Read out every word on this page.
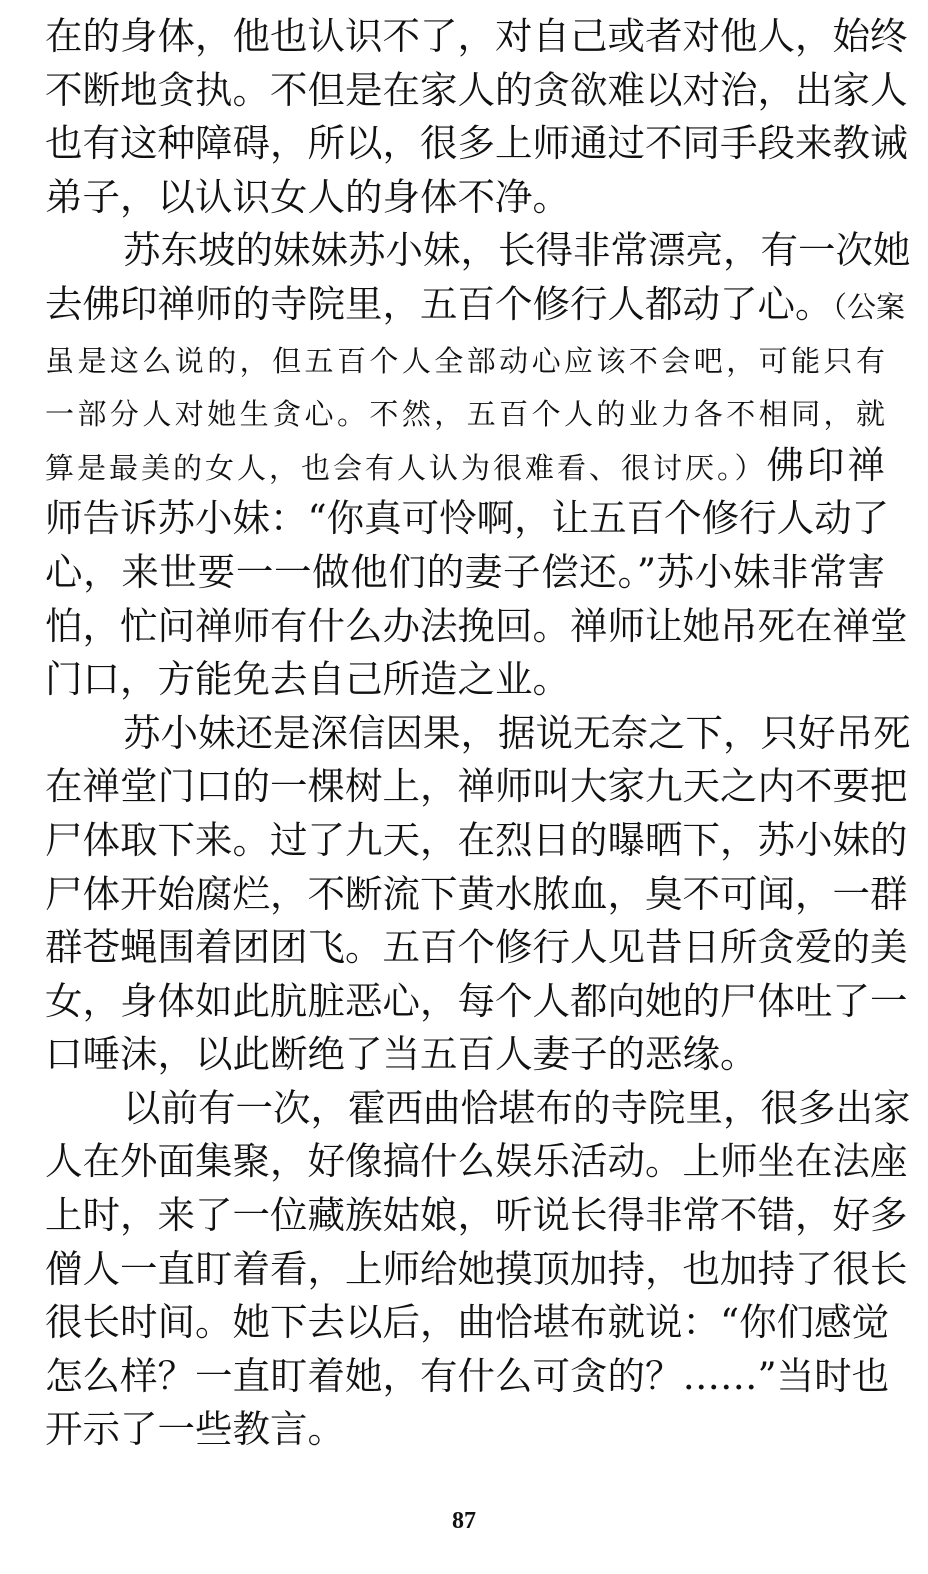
在的身体，他也认识不了，对自己或者对他人，始终
不断地贪执。不但是在家人的贪欲难以对治，出家人
也有这种障碍，所以，很多上师通过不同手段来教诫
弟子，以认识女人的身体不净。
苏东坡的妹妹苏小妹，长得非常漂亮，有一次她
去佛印禅师的寺院里，五百个修行人都动了心。（公案
虽是这么说的，但五百个人全部动心应该不会吧，可能只有
一部分人对她生贪心。不然，五百个人的业力各不相同，就
算是最美的女人，也会有人认为很难看、很讨厌。）佛印禅
师告诉苏小妹：“你真可怜啊，让五百个修行人动了
心，来世要一一做他们的妻子偿还。”苏小妹非常害
怕，忙问禅师有什么办法挽回。禅师让她吊死在禅堂
门口，方能免去自己所造之业。
苏小妹还是深信因果，据说无奈之下，只好吊死
在禅堂门口的一棵树上，禅师叫大家九天之内不要把
尸体取下来。过了九天，在烈日的曝晒下，苏小妹的
尸体开始腐烂，不断流下黄水脓血，臭不可闻，一群
群苍蝇围着团团飞。五百个修行人见昔日所贪爱的美
女，身体如此肮脏恶心，每个人都向她的尸体吐了一
口唾沫，以此断绝了当五百人妻子的恶缘。
以前有一次，霍西曲恰堪布的寺院里，很多出家
人在外面集聚，好像搞什么娱乐活动。上师坐在法座
上时，来了一位藏族姑娘，听说长得非常不错，好多
僧人一直盯着看，上师给她摸顶加持，也加持了很长
很长时间。她下去以后，曲恰堪布就说：“你们感觉
怎么样？一直盯着她，有什么可贪的？……”当时也
开示了一些教言。
87
